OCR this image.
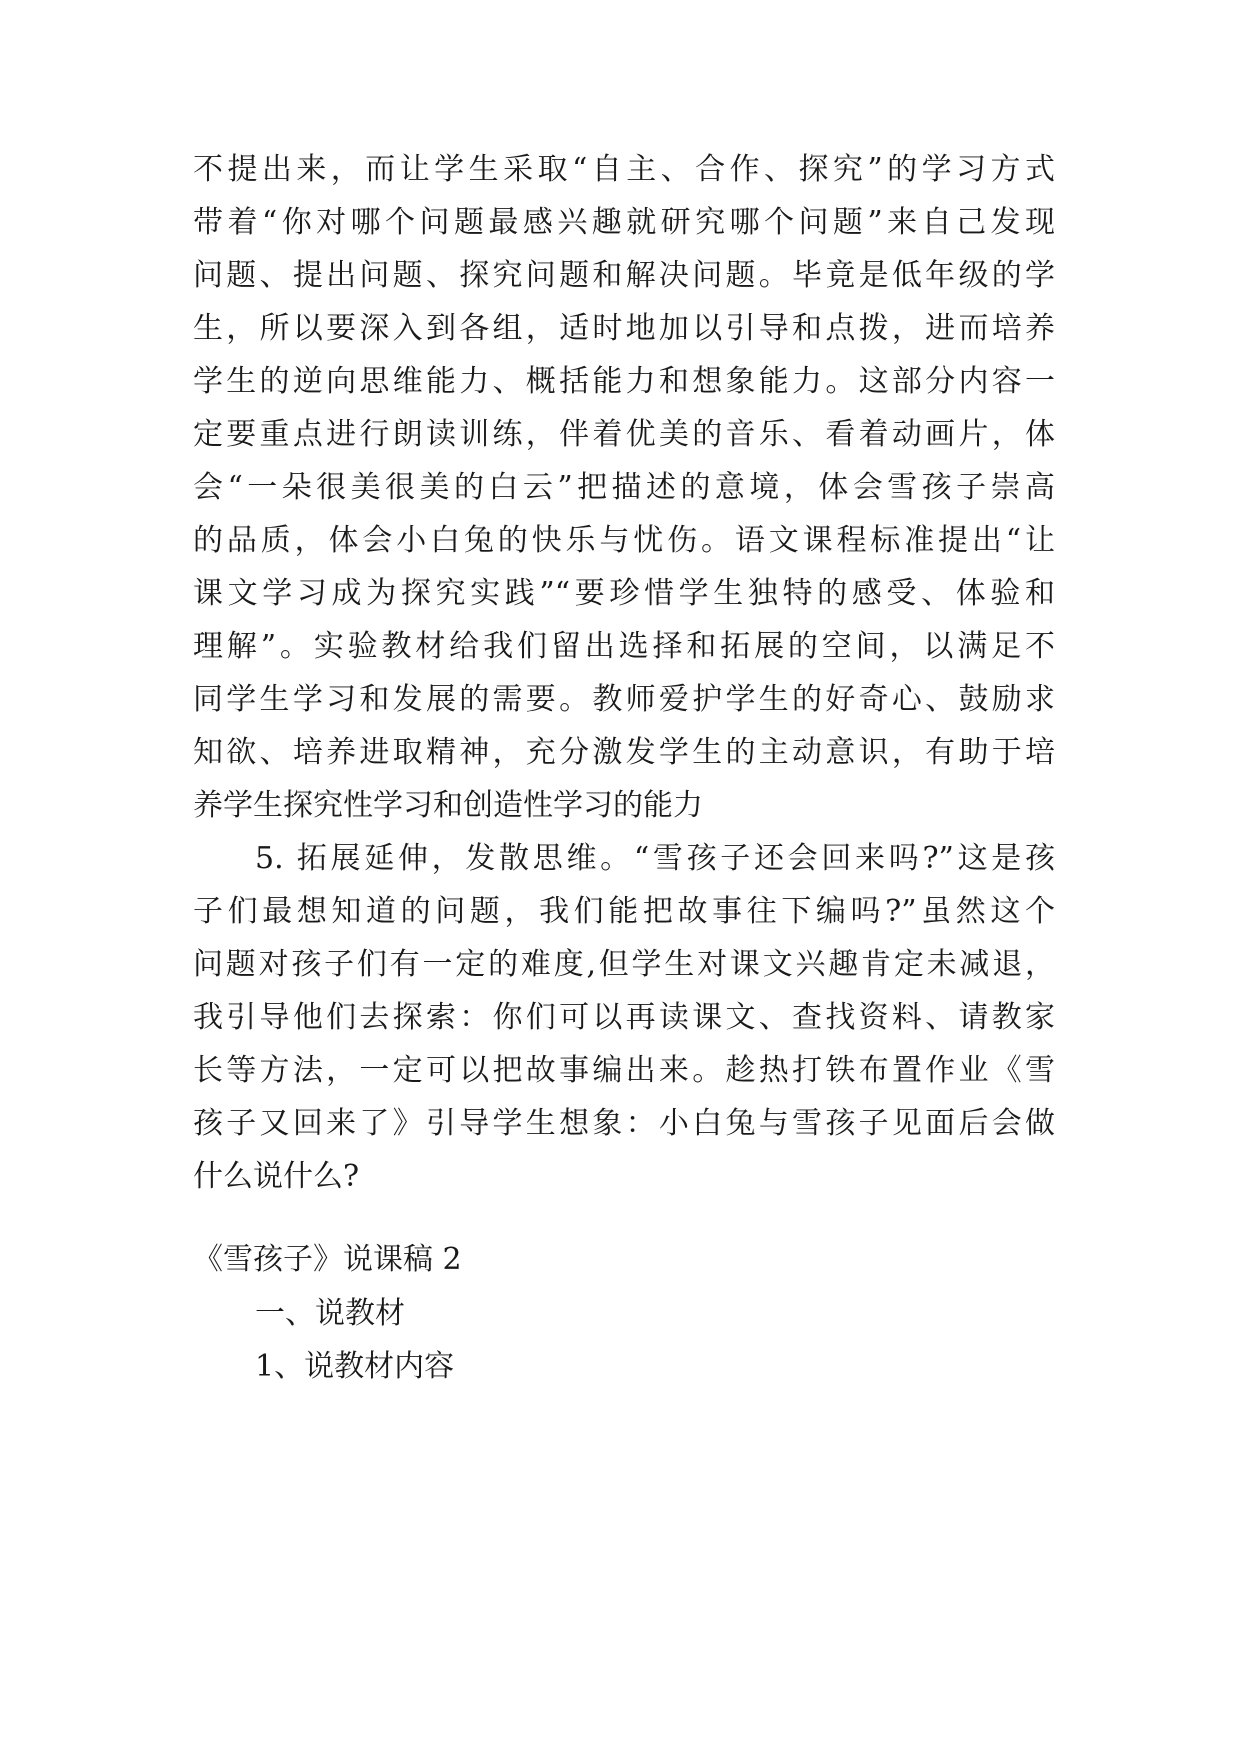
不提出来，而让学生采取“自主、合作、探究”的学习方式
带着“你对哪个问题最感兴趣就研究哪个问题”来自己发现
问题、提出问题、探究问题和解决问题。毕竟是低年级的学
生，所以要深入到各组，适时地加以引导和点拨，进而培养
学生的逆向思维能力、概括能力和想象能力。这部分内容一
定要重点进行朗读训练，伴着优美的音乐、看着动画片，体
会“一朵很美很美的白云”把描述的意境，体会雪孩子崇高
的品质，体会小白兔的快乐与忧伤。语文课程标准提出“让
课文学习成为探究实践”“要珍惜学生独特的感受、体验和
理解”。实验教材给我们留出选择和拓展的空间，以满足不
同学生学习和发展的需要。教师爱护学生的好奇心、鼓励求
知欲、培养进取精神，充分激发学生的主动意识，有助于培
养学生探究性学习和创造性学习的能力
5. 拓展延伸，发散思维。“雪孩子还会回来吗?”这是孩
子们最想知道的问题，我们能把故事往下编吗?”虽然这个
问题对孩子们有一定的难度,但学生对课文兴趣肯定未减退，
我引导他们去探索：你们可以再读课文、查找资料、请教家
长等方法，一定可以把故事编出来。趁热打铁布置作业《雪
孩子又回来了》引导学生想象：小白兔与雪孩子见面后会做
什么说什么?
《雪孩子》说课稿 2
一、说教材
1、说教材内容
